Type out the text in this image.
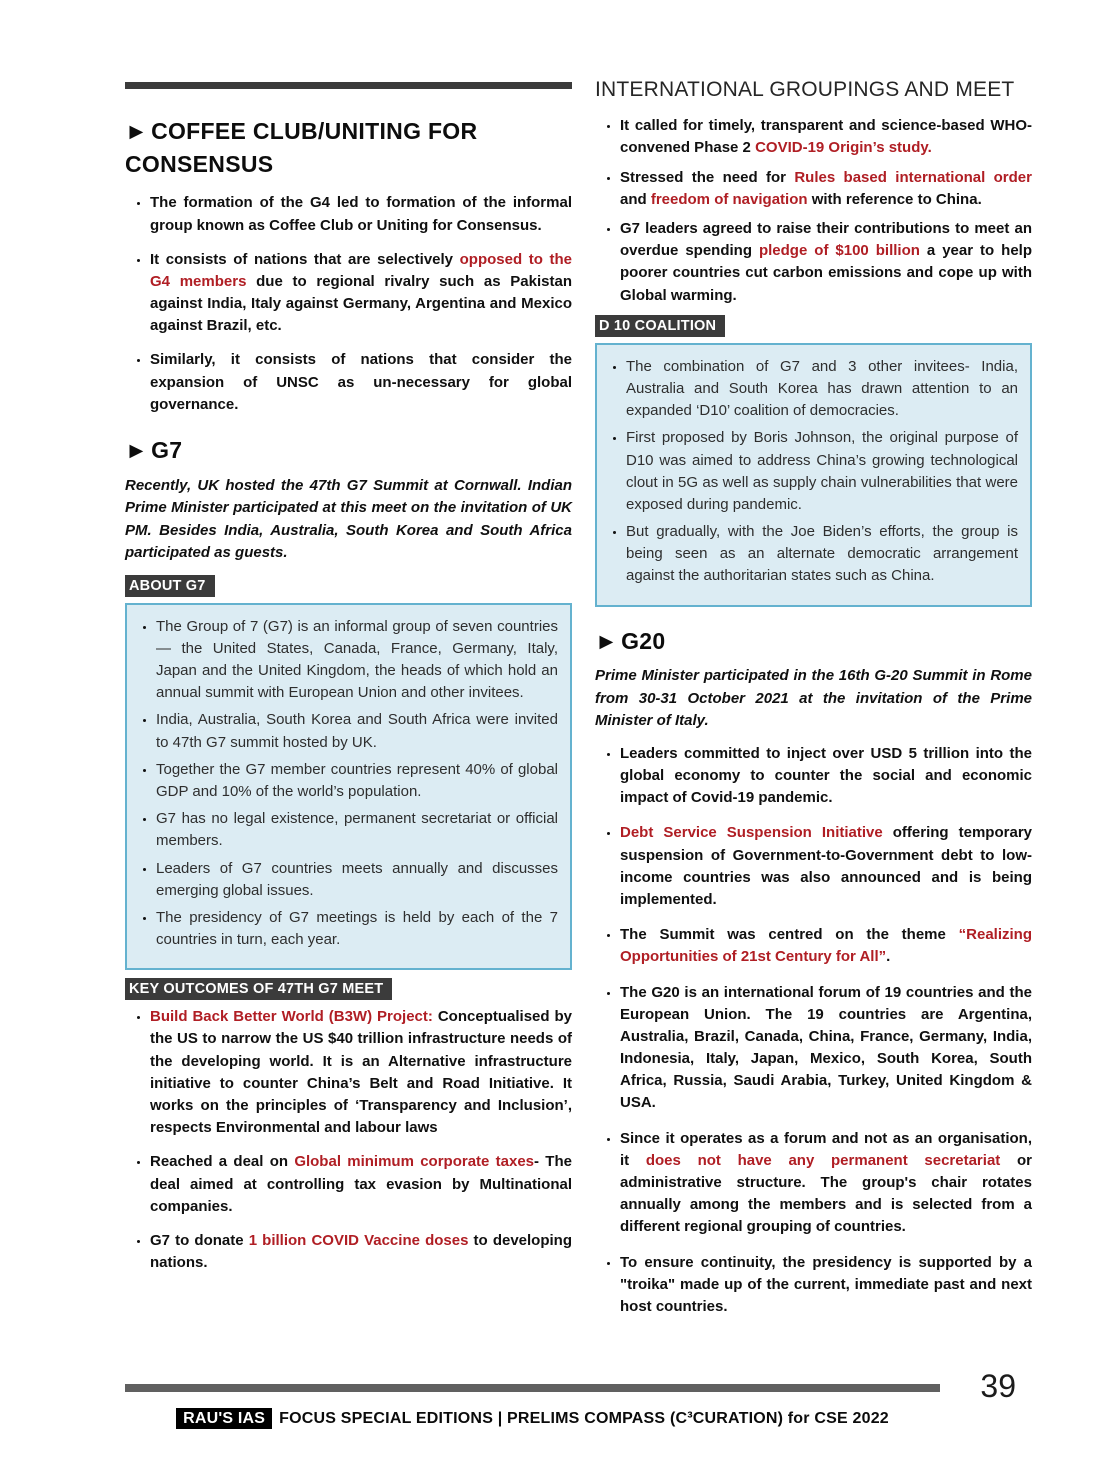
► COFFEE CLUB/UNITING FOR CONSENSUS
• The formation of the G4 led to formation of the informal group known as Coffee Club or Uniting for Consensus.
• It consists of nations that are selectively opposed to the G4 members due to regional rivalry such as Pakistan against India, Italy against Germany, Argentina and Mexico against Brazil, etc.
• Similarly, it consists of nations that consider the expansion of UNSC as un-necessary for global governance.
► G7

Recently, UK hosted the 47th G7 Summit at Cornwall. Indian Prime Minister participated at this meet on the invitation of UK PM. Besides India, Australia, South Korea and South Africa participated as guests.

ABOUT G7
• The Group of 7 (G7) is an informal group of seven countries — the United States, Canada, France, Germany, Italy, Japan and the United Kingdom, the heads of which hold an annual summit with European Union and other invitees.
• India, Australia, South Korea and South Africa were invited to 47th G7 summit hosted by UK.
• Together the G7 member countries represent 40% of global GDP and 10% of the world’s population.
• G7 has no legal existence, permanent secretariat or official members.
• Leaders of G7 countries meets annually and discusses emerging global issues.
• The presidency of G7 meetings is held by each of the 7 countries in turn, each year.
KEY OUTCOMES OF 47TH G7 MEET
• Build Back Better World (B3W) Project: Conceptualised by the US to narrow the US $40 trillion infrastructure needs of the developing world. It is an Alternative infrastructure initiative to counter China’s Belt and Road Initiative. It works on the principles of ‘Transparency and Inclusion’, respects Environmental and labour laws
• Reached a deal on Global minimum corporate taxes- The deal aimed at controlling tax evasion by Multinational companies.
• G7 to donate 1 billion COVID Vaccine doses to developing nations.
INTERNATIONAL GROUPINGS AND MEET
• It called for timely, transparent and science-based WHO-convened Phase 2 COVID-19 Origin’s study.
• Stressed the need for Rules based international order and freedom of navigation with reference to China.
• G7 leaders agreed to raise their contributions to meet an overdue spending pledge of $100 billion a year to help poorer countries cut carbon emissions and cope up with Global warming.
D 10 COALITION
• The combination of G7 and 3 other invitees- India, Australia and South Korea has drawn attention to an expanded ‘D10’ coalition of democracies.
• First proposed by Boris Johnson, the original purpose of D10 was aimed to address China’s growing technological clout in 5G as well as supply chain vulnerabilities that were exposed during pandemic.
• But gradually, with the Joe Biden’s efforts, the group is being seen as an alternate democratic arrangement against the authoritarian states such as China.
► G20

Prime Minister participated in the 16th G-20 Summit in Rome from 30-31 October 2021 at the invitation of the Prime Minister of Italy.

• Leaders committed to inject over USD 5 trillion into the global economy to counter the social and economic impact of Covid-19 pandemic.
• Debt Service Suspension Initiative offering temporary suspension of Government-to-Government debt to low-income countries was also announced and is being implemented.
• The Summit was centred on the theme “Realizing Opportunities of 21st Century for All”.
• The G20 is an international forum of 19 countries and the European Union. The 19 countries are Argentina, Australia, Brazil, Canada, China, France, Germany, India, Indonesia, Italy, Japan, Mexico, South Korea, South Africa, Russia, Saudi Arabia, Turkey, United Kingdom & USA.
• Since it operates as a forum and not as an organisation, it does not have any permanent secretariat or administrative structure. The group's chair rotates annually among the members and is selected from a different regional grouping of countries.
• To ensure continuity, the presidency is supported by a "troika" made up of the current, immediate past and next host countries.
39
RAU'S IAS FOCUS SPECIAL EDITIONS | PRELIMS COMPASS (C³CURATION) for CSE 2022
